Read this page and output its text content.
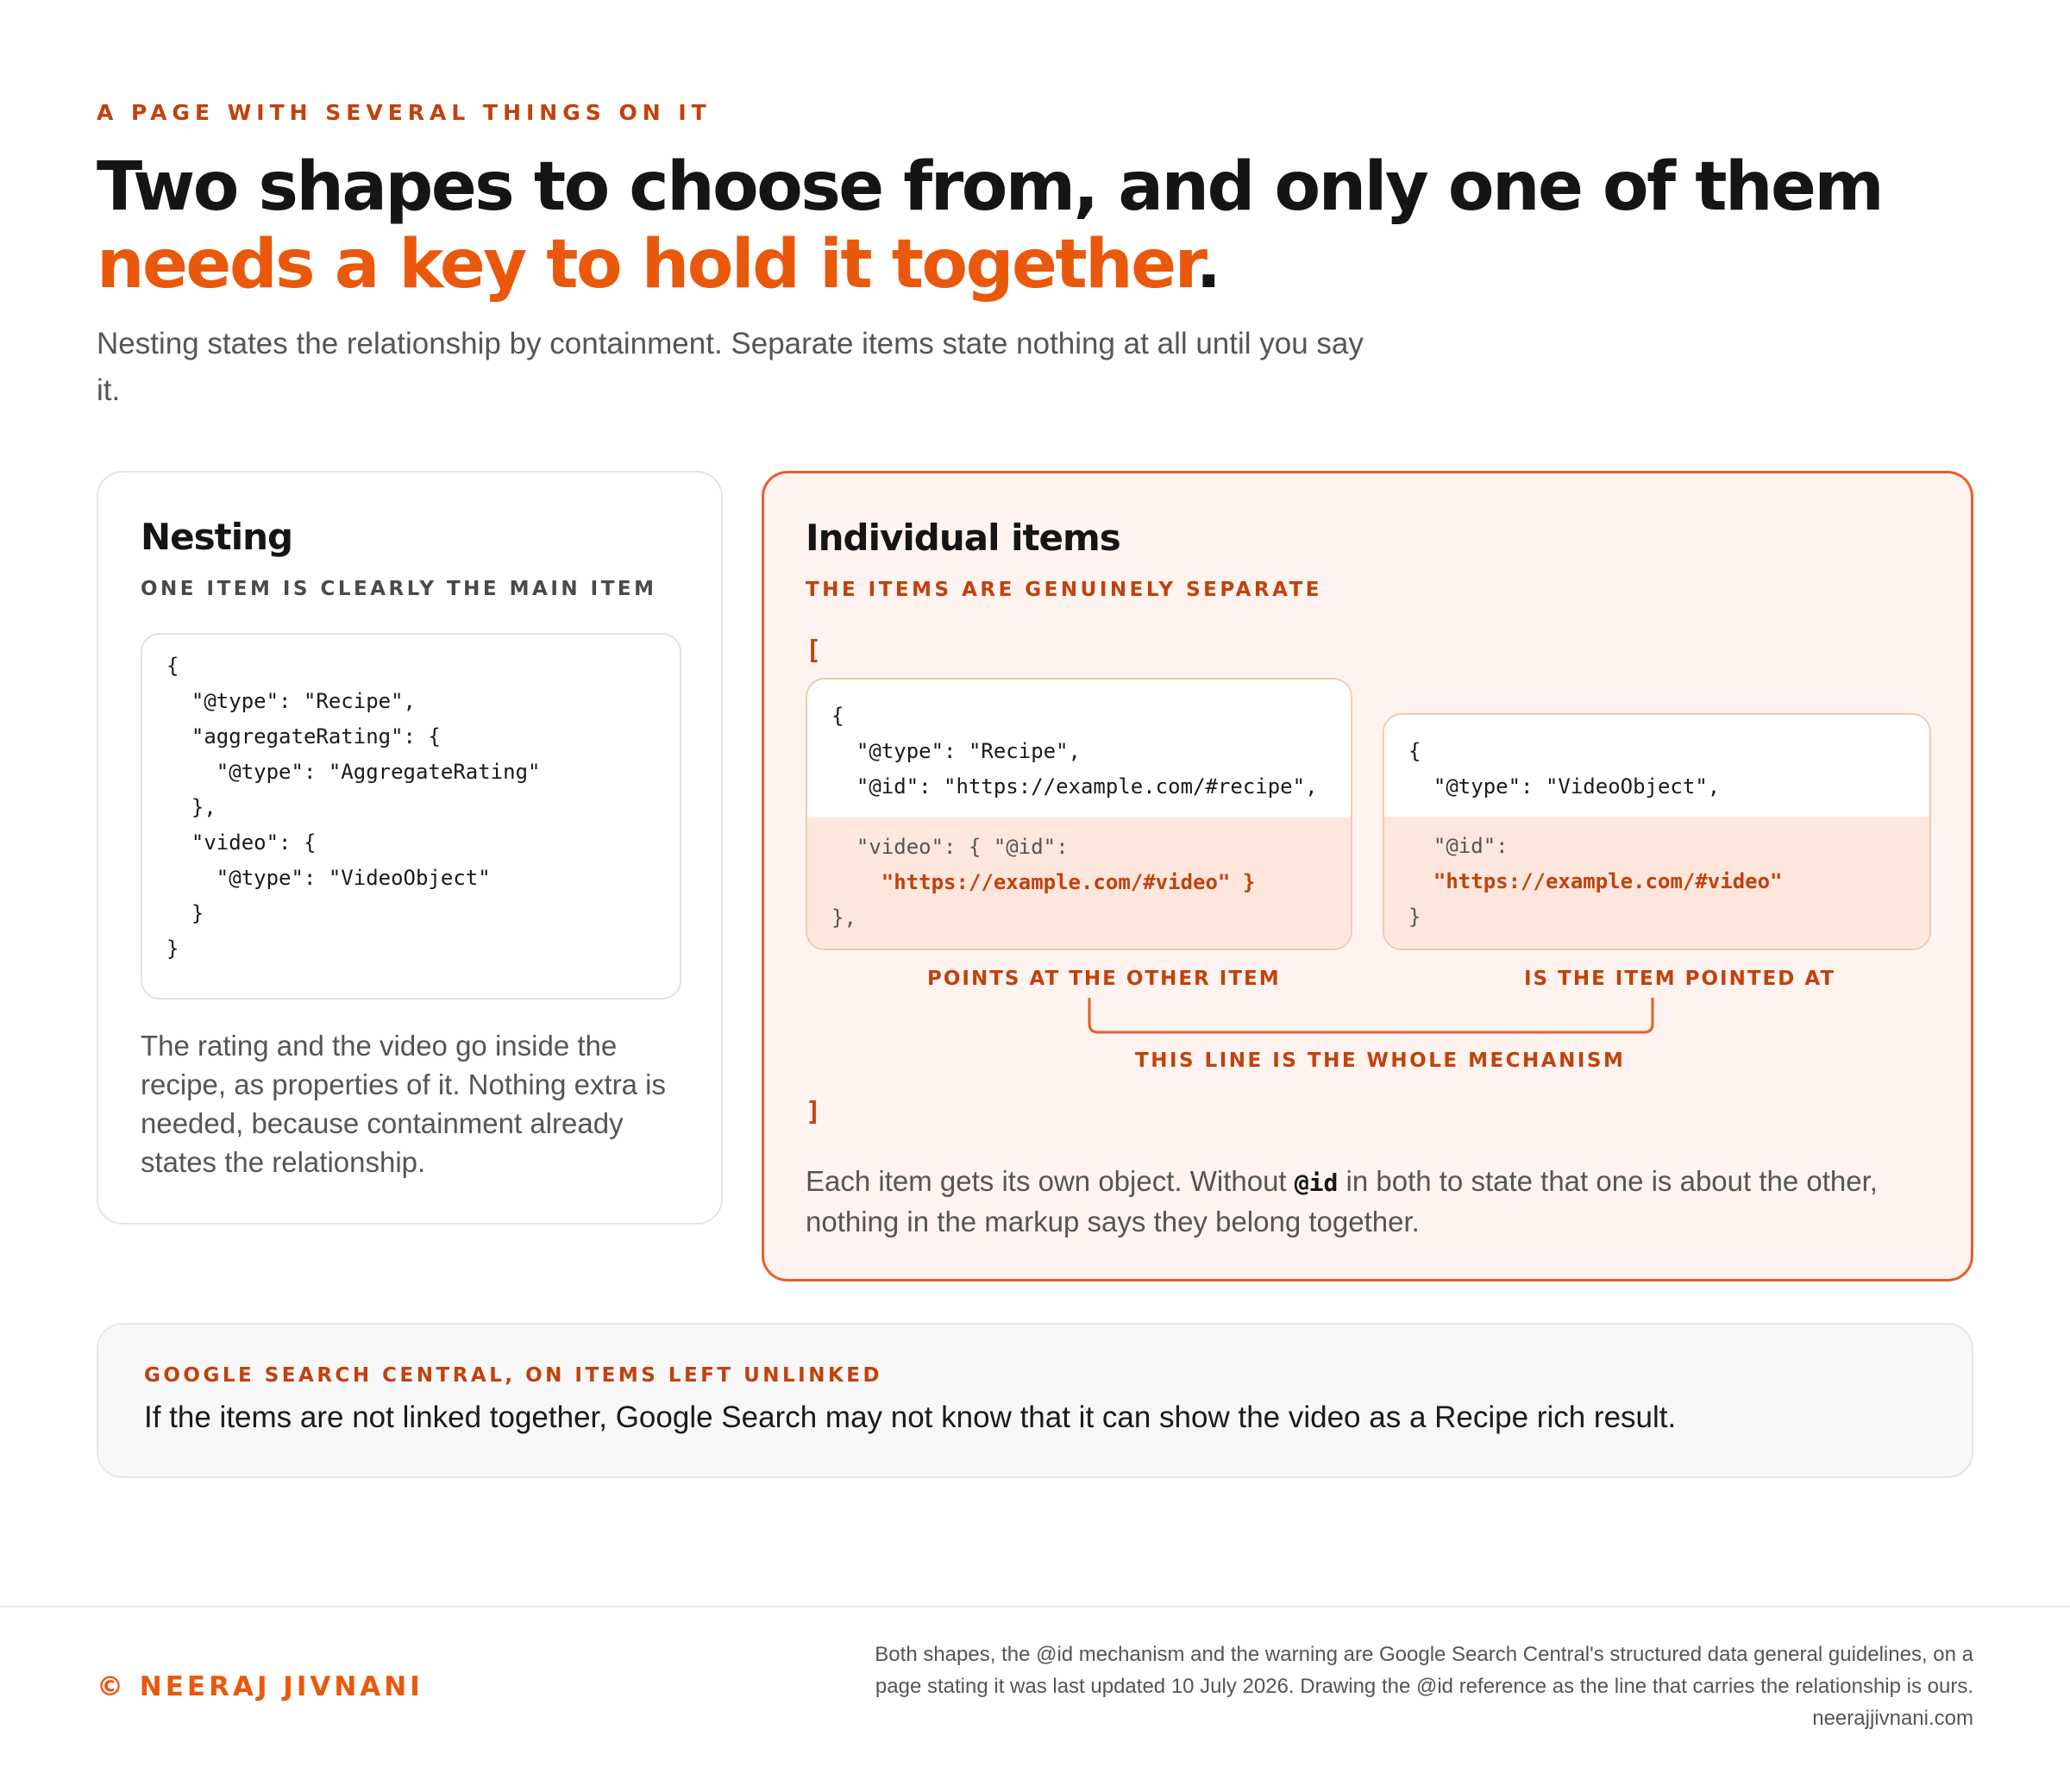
A PAGE WITH SEVERAL THINGS ON IT
Two shapes to choose from, and only one of them needs a key to hold it together.

Nesting states the relationship by containment. Separate items state nothing at all until you say it.

Nesting
ONE ITEM IS CLEARLY THE MAIN ITEM
{
"@type": "Recipe",
"aggregateRating": {
"@type": "AggregateRating"
},
"video": {
"@type": "VideoObject"
}
}

The rating and the video go inside the recipe, as properties of it. Nothing extra is needed, because containment already states the relationship.

Individual items
THE ITEMS ARE GENUINELY SEPARATE
[
{
"@type": "Recipe",
"@id": "https://example.com/#recipe",
"video": { "@id":
"https://example.com/#video" }
},
{
"@type": "VideoObject",
"@id":
"https://example.com/#video"
}
POINTS AT THE OTHER ITEM	IS THE ITEM POINTED AT
THIS LINE IS THE WHOLE MECHANISM
]

Each item gets its own object. Without @id in both to state that one is about the other, nothing in the markup says they belong together.

GOOGLE SEARCH CENTRAL, ON ITEMS LEFT UNLINKED

If the items are not linked together, Google Search may not know that it can show the video as a Recipe rich result.

© NEERAJ JIVNANI
Both shapes, the @id mechanism and the warning are Google Search Central's structured data general guidelines, on a
page stating it was last updated 10 July 2026. Drawing the @id reference as the line that carries the relationship is ours.
neerajjivnani.com
